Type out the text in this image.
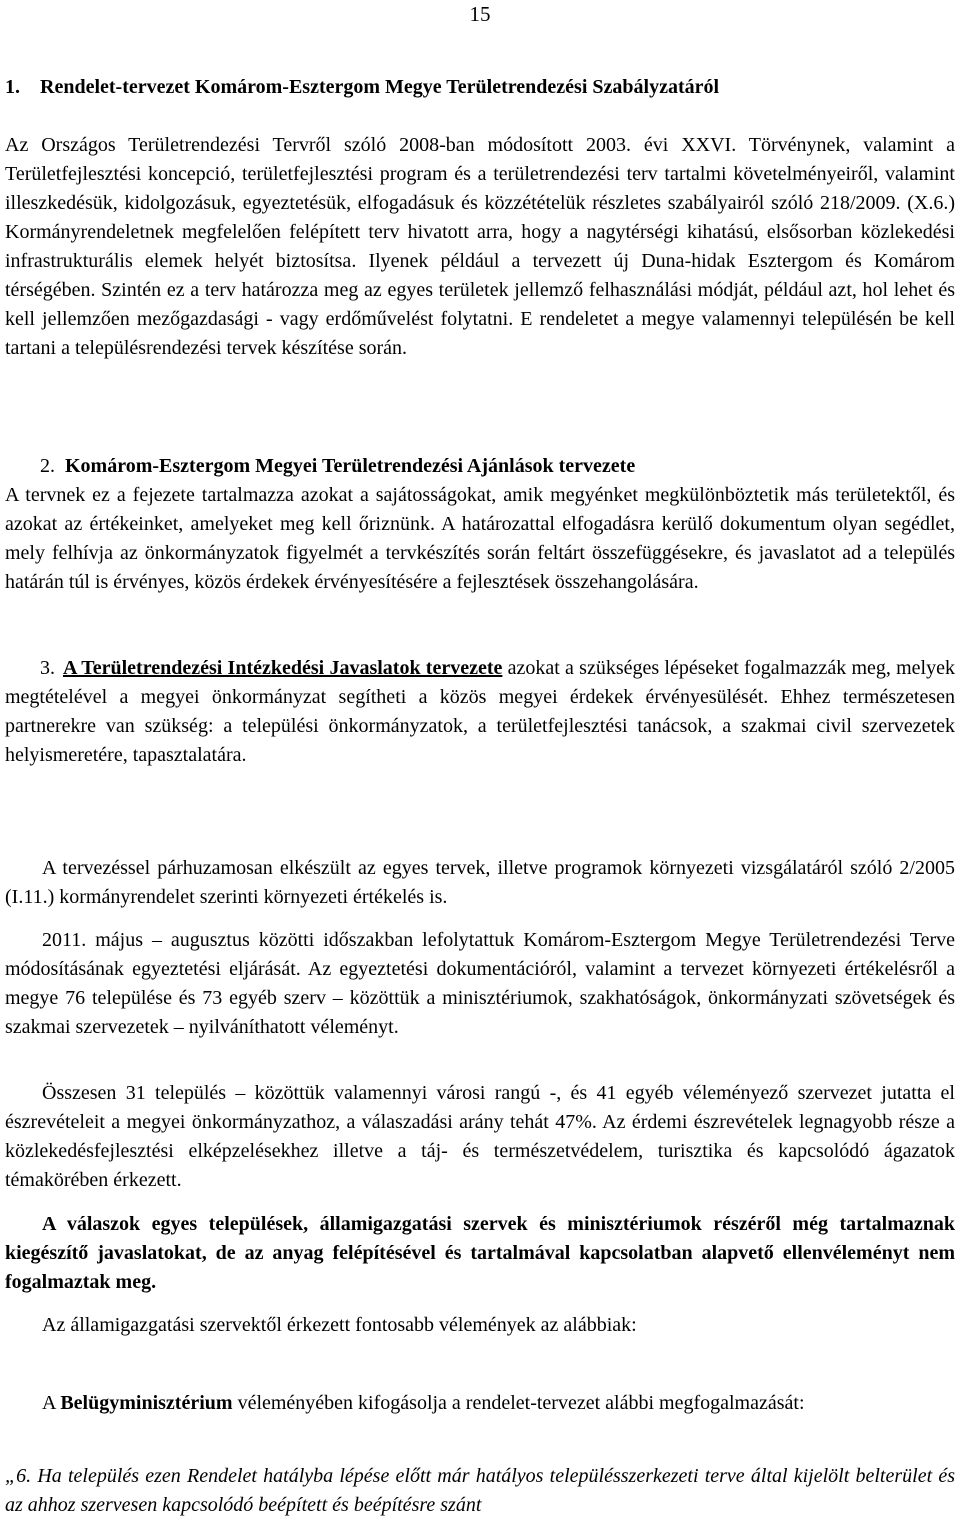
15
1.	Rendelet-tervezet Komárom-Esztergom Megye Területrendezési Szabályzatáról

Az Országos Területrendezési Tervről szóló 2008-ban módosított 2003. évi XXVI. Törvénynek, valamint a Területfejlesztési koncepció, területfejlesztési program és a területrendezési terv tartalmi követelményeiről, valamint illeszkedésük, kidolgozásuk, egyeztetésük, elfogadásuk és közzétételük részletes szabályairól szóló 218/2009. (X.6.) Kormányrendeletnek megfelelően felépített terv hivatott arra, hogy a nagytérségi kihatású, elsősorban közlekedési infrastrukturális elemek helyét biztosítsa. Ilyenek például a tervezett új Duna-hidak Esztergom és Komárom térségében. Szintén ez a terv határozza meg az egyes területek jellemző felhasználási módját, például azt, hol lehet és kell jellemzően mezőgazdasági - vagy erdőművelést folytatni. E rendeletet a megye valamennyi településén be kell tartani a településrendezési tervek készítése során.

2. Komárom-Esztergom Megyei Területrendezési Ajánlások tervezete
A tervnek ez a fejezete tartalmazza azokat a sajátosságokat, amik megyénket megkülönböztetik más területektől, és azokat az értékeinket, amelyeket meg kell őriznünk. A határozattal elfogadásra kerülő dokumentum olyan segédlet, mely felhívja az önkormányzatok figyelmét a tervkészítés során feltárt összefüggésekre, és javaslatot ad a település határán túl is érvényes, közös érdekek érvényesítésére a fejlesztések összehangolására.

3. A Területrendezési Intézkedési Javaslatok tervezete azokat a szükséges lépéseket fogalmazzák meg, melyek megtételével a megyei önkormányzat segítheti a közös megyei érdekek érvényesülését. Ehhez természetesen partnerekre van szükség: a települési önkormányzatok, a területfejlesztési tanácsok, a szakmai civil szervezetek helyismeretére, tapasztalatára.

A tervezéssel párhuzamosan elkészült az egyes tervek, illetve programok környezeti vizsgálatáról szóló 2/2005 (I.11.) kormányrendelet szerinti környezeti értékelés is.

2011. május – augusztus közötti időszakban lefolytattuk Komárom-Esztergom Megye Területrendezési Terve módosításának egyeztetési eljárását. Az egyeztetési dokumentációról, valamint a tervezet környezeti értékelésről a megye 76 települése és 73 egyéb szerv – közöttük a minisztériumok, szakhatóságok, önkormányzati szövetségek és szakmai szervezetek – nyilváníthatott véleményt.

Összesen 31 település – közöttük valamennyi városi rangú -, és 41 egyéb véleményező szervezet jutatta el észrevételeit a megyei önkormányzathoz, a válaszadási arány tehát 47%. Az érdemi észrevételek legnagyobb része a közlekedésfejlesztési elképzelésekhez illetve a táj- és természetvédelem, turisztika és kapcsolódó ágazatok témakörében érkezett.

A válaszok egyes települések, államigazgatási szervek és minisztériumok részéről még tartalmaznak kiegészítő javaslatokat, de az anyag felépítésével és tartalmával kapcsolatban alapvető ellenvéleményt nem fogalmaztak meg.

Az államigazgatási szervektől érkezett fontosabb vélemények az alábbiak:

A Belügyminisztérium véleményében kifogásolja a rendelet-tervezet alábbi megfogalmazását:

„6. Ha település ezen Rendelet hatályba lépése előtt már hatályos településszerkezeti terve által kijelölt belterület és az ahhoz szervesen kapcsolódó beépített és beépítésre szánt
